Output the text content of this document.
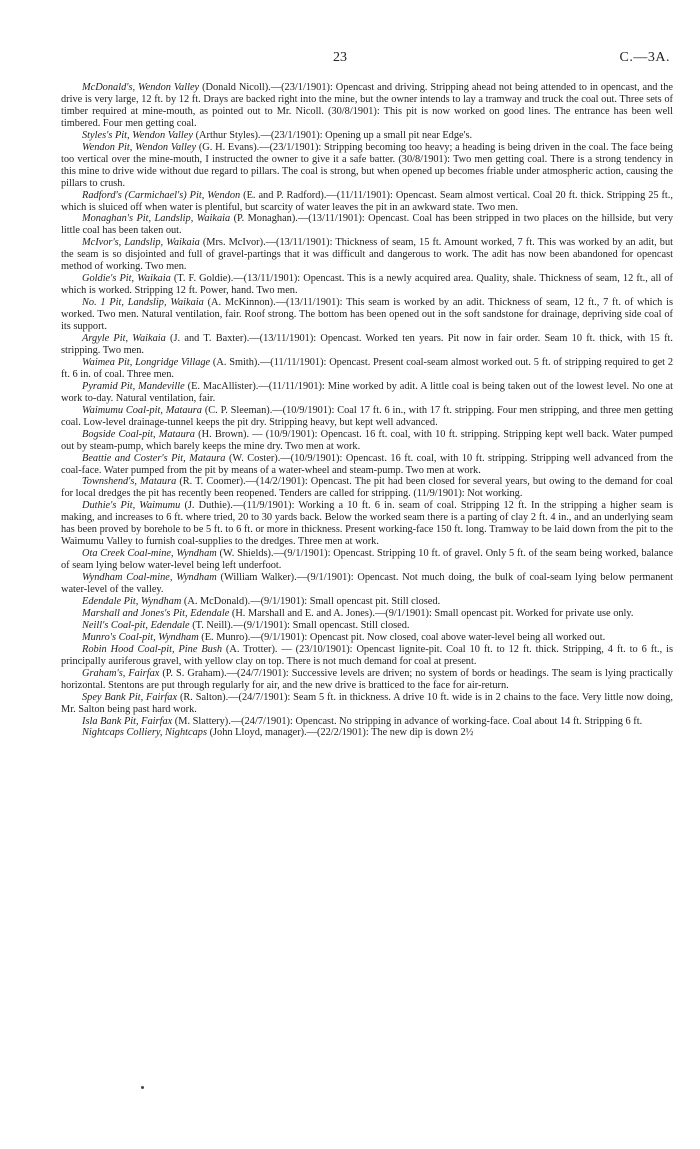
23	C.—3A.

McDonald's, Wendon Valley (Donald Nicoll).—(23/1/1901): Opencast and driving. Stripping ahead not being attended to in opencast, and the drive is very large, 12 ft. by 12 ft. Drays are backed right into the mine, but the owner intends to lay a tramway and truck the coal out. Three sets of timber required at mine-mouth, as pointed out to Mr. Nicoll. (30/8/1901): This pit is now worked on good lines. The entrance has been well timbered. Four men getting coal.

Styles's Pit, Wendon Valley (Arthur Styles).—(23/1/1901): Opening up a small pit near Edge's.

Wendon Pit, Wendon Valley (G. H. Evans).—(23/1/1901): Stripping becoming too heavy; a heading is being driven in the coal. The face being too vertical over the mine-mouth, I instructed the owner to give it a safe batter. (30/8/1901): Two men getting coal. There is a strong tendency in this mine to drive wide without due regard to pillars. The coal is strong, but when opened up becomes friable under atmospheric action, causing the pillars to crush.

Radford's (Carmichael's) Pit, Wendon (E. and P. Radford).—(11/11/1901): Opencast. Seam almost vertical. Coal 20 ft. thick. Stripping 25 ft., which is sluiced off when water is plentiful, but scarcity of water leaves the pit in an awkward state. Two men.

Monaghan's Pit, Landslip, Waikaia (P. Monaghan).—(13/11/1901): Opencast. Coal has been stripped in two places on the hillside, but very little coal has been taken out.

McIvor's, Landslip, Waikaia (Mrs. McIvor).—(13/11/1901): Thickness of seam, 15 ft. Amount worked, 7 ft. This was worked by an adit, but the seam is so disjointed and full of gravel-partings that it was difficult and dangerous to work. The adit has now been abandoned for opencast method of working. Two men.

Goldie's Pit, Waikaia (T. F. Goldie).—(13/11/1901): Opencast. This is a newly acquired area. Quality, shale. Thickness of seam, 12 ft., all of which is worked. Stripping 12 ft. Power, hand. Two men.

No. 1 Pit, Landslip, Waikaia (A. McKinnon).—(13/11/1901): This seam is worked by an adit. Thickness of seam, 12 ft., 7 ft. of which is worked. Two men. Natural ventilation, fair. Roof strong. The bottom has been opened out in the soft sandstone for drainage, depriving side coal of its support.

Argyle Pit, Waikaia (J. and T. Baxter).—(13/11/1901): Opencast. Worked ten years. Pit now in fair order. Seam 10 ft. thick, with 15 ft. stripping. Two men.

Waimea Pit, Longridge Village (A. Smith).—(11/11/1901): Opencast. Present coal-seam almost worked out. 5 ft. of stripping required to get 2 ft. 6 in. of coal. Three men.

Pyramid Pit, Mandeville (E. MacAllister).—(11/11/1901): Mine worked by adit. A little coal is being taken out of the lowest level. No one at work to-day. Natural ventilation, fair.

Waimumu Coal-pit, Mataura (C. P. Sleeman).—(10/9/1901): Coal 17 ft. 6 in., with 17 ft. stripping. Four men stripping, and three men getting coal. Low-level drainage-tunnel keeps the pit dry. Stripping heavy, but kept well advanced.

Bogside Coal-pit, Mataura (H. Brown). — (10/9/1901): Opencast. 16 ft. coal, with 10 ft. stripping. Stripping kept well back. Water pumped out by steam-pump, which barely keeps the mine dry. Two men at work.

Beattie and Coster's Pit, Mataura (W. Coster).—(10/9/1901): Opencast. 16 ft. coal, with 10 ft. stripping. Stripping well advanced from the coal-face. Water pumped from the pit by means of a water-wheel and steam-pump. Two men at work.

Townshend's, Mataura (R. T. Coomer).—(14/2/1901): Opencast. The pit had been closed for several years, but owing to the demand for coal for local dredges the pit has recently been reopened. Tenders are called for stripping. (11/9/1901): Not working.

Duthie's Pit, Waimumu (J. Duthie).—(11/9/1901): Working a 10 ft. 6 in. seam of coal. Stripping 12 ft. In the stripping a higher seam is making, and increases to 6 ft. where tried, 20 to 30 yards back. Below the worked seam there is a parting of clay 2 ft. 4 in., and an underlying seam has been proved by borehole to be 5 ft. to 6 ft. or more in thickness. Present working-face 150 ft. long. Tramway to be laid down from the pit to the Waimumu Valley to furnish coal-supplies to the dredges. Three men at work.

Ota Creek Coal-mine, Wyndham (W. Shields).—(9/1/1901): Opencast. Stripping 10 ft. of gravel. Only 5 ft. of the seam being worked, balance of seam lying below water-level being left underfoot.

Wyndham Coal-mine, Wyndham (William Walker).—(9/1/1901): Opencast. Not much doing, the bulk of coal-seam lying below permanent water-level of the valley.

Edendale Pit, Wyndham (A. McDonald).—(9/1/1901): Small opencast pit. Still closed.

Marshall and Jones's Pit, Edendale (H. Marshall and E. and A. Jones).—(9/1/1901): Small opencast pit. Worked for private use only.

Neill's Coal-pit, Edendale (T. Neill).—(9/1/1901): Small opencast. Still closed.

Munro's Coal-pit, Wyndham (E. Munro).—(9/1/1901): Opencast pit. Now closed, coal above water-level being all worked out.

Robin Hood Coal-pit, Pine Bush (A. Trotter). — (23/10/1901): Opencast lignite-pit. Coal 10 ft. to 12 ft. thick. Stripping, 4 ft. to 6 ft., is principally auriferous gravel, with yellow clay on top. There is not much demand for coal at present.

Graham's, Fairfax (P. S. Graham).—(24/7/1901): Successive levels are driven; no system of bords or headings. The seam is lying practically horizontal. Stentons are put through regularly for air, and the new drive is bratticed to the face for air-return.

Spey Bank Pit, Fairfax (R. Salton).—(24/7/1901): Seam 5 ft. in thickness. A drive 10 ft. wide is in 2 chains to the face. Very little now doing, Mr. Salton being past hard work.

Isla Bank Pit, Fairfax (M. Slattery).—(24/7/1901): Opencast. No stripping in advance of working-face. Coal about 14 ft. Stripping 6 ft.

Nightcaps Colliery, Nightcaps (John Lloyd, manager).—(22/2/1901): The new dip is down 2½
